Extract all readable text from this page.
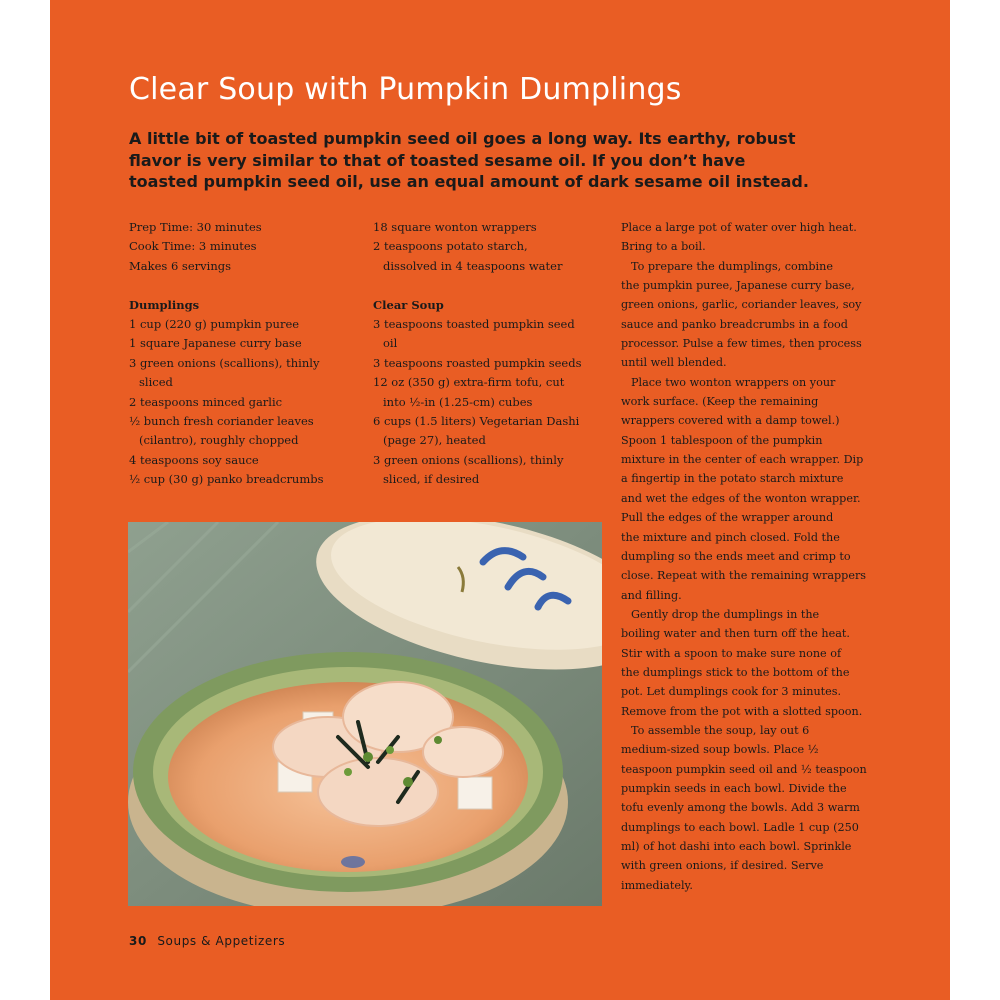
Clear Soup with Pumpkin Dumplings
A little bit of toasted pumpkin seed oil goes a long way. Its earthy, robust
flavor is very similar to that of toasted sesame oil. If you don’t have
toasted pumpkin seed oil, use an equal amount of dark sesame oil instead.
Prep Time: 30 minutes
Cook Time: 3 minutes
Makes 6 servings
Dumplings
1 cup (220 g) pumpkin puree
1 square Japanese curry base
3 green onions (scallions), thinly
sliced
2 teaspoons minced garlic
½ bunch fresh coriander leaves
(cilantro), roughly chopped
4 teaspoons soy sauce
½ cup (30 g) panko breadcrumbs
18 square wonton wrappers
2 teaspoons potato starch,
dissolved in 4 teaspoons water
Clear Soup
3 teaspoons toasted pumpkin seed
oil
3 teaspoons roasted pumpkin seeds
12 oz (350 g) extra-firm tofu, cut
into ½-in (1.25-cm) cubes
6 cups (1.5 liters) Vegetarian Dashi
(page 27), heated
3 green onions (scallions), thinly
sliced, if desired
Place a large pot of water over high heat.
Bring to a boil.
To prepare the dumplings, combine
the pumpkin puree, Japanese curry base,
green onions, garlic, coriander leaves, soy
sauce and panko breadcrumbs in a food
processor. Pulse a few times, then process
until well blended.
Place two wonton wrappers on your
work surface. (Keep the remaining
wrappers covered with a damp towel.)
Spoon 1 tablespoon of the pumpkin
mixture in the center of each wrapper. Dip
a fingertip in the potato starch mixture
and wet the edges of the wonton wrapper.
Pull the edges of the wrapper around
the mixture and pinch closed. Fold the
dumpling so the ends meet and crimp to
close. Repeat with the remaining wrappers
and filling.
Gently drop the dumplings in the
boiling water and then turn off the heat.
Stir with a spoon to make sure none of
the dumplings stick to the bottom of the
pot. Let dumplings cook for 3 minutes.
Remove from the pot with a slotted spoon.
To assemble the soup, lay out 6
medium-sized soup bowls. Place ½
teaspoon pumpkin seed oil and ½ teaspoon
pumpkin seeds in each bowl. Divide the
tofu evenly among the bowls. Add 3 warm
dumplings to each bowl. Ladle 1 cup (250
ml) of hot dashi into each bowl. Sprinkle
with green onions, if desired. Serve
immediately.
30 Soups & Appetizers
